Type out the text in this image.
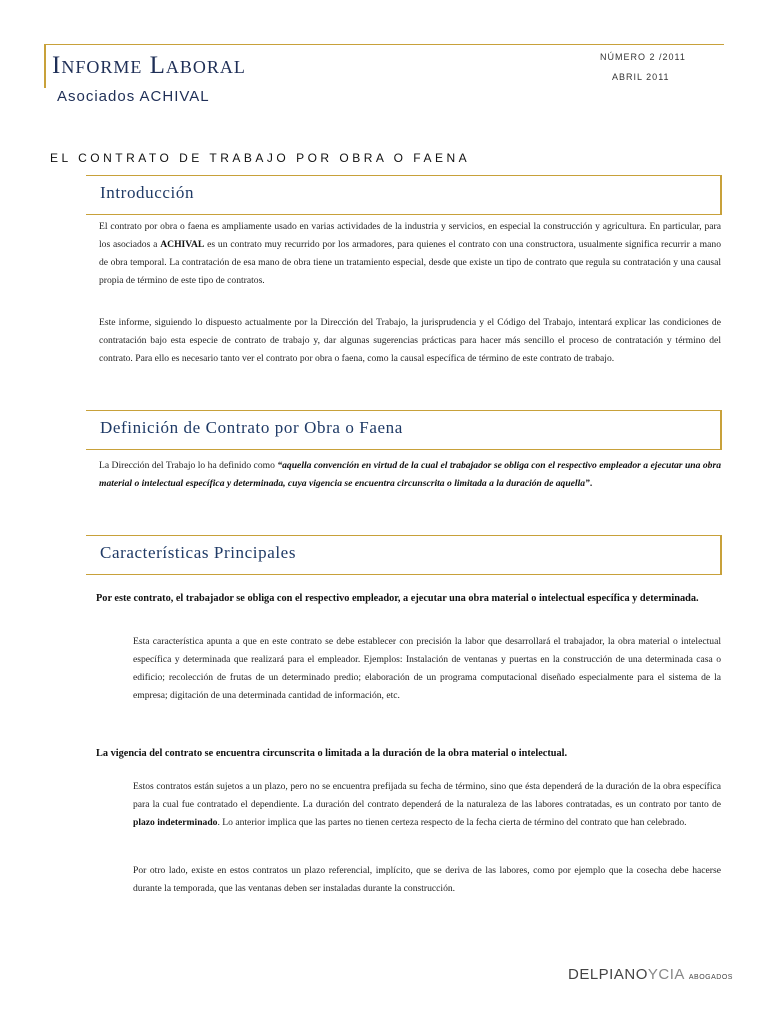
Informe Laboral
Asociados ACHIVAL
NÚMERO 2 /2011
ABRIL 2011
EL CONTRATO DE TRABAJO POR OBRA O FAENA
Introducción

El contrato por obra o faena es ampliamente usado en varias actividades de la industria y servicios, en especial la construcción y agricultura. En particular, para los asociados a ACHIVAL es un contrato muy recurrido por los armadores, para quienes el contrato con una constructora, usualmente significa recurrir a mano de obra temporal. La contratación de esa mano de obra tiene un tratamiento especial, desde que existe un tipo de contrato que regula su contratación y una causal propia de término de este tipo de contratos.

Este informe, siguiendo lo dispuesto actualmente por la Dirección del Trabajo, la jurisprudencia y el Código del Trabajo, intentará explicar las condiciones de contratación bajo esta especie de contrato de trabajo y, dar algunas sugerencias prácticas para hacer más sencillo el proceso de contratación y término del contrato. Para ello es necesario tanto ver el contrato por obra o faena, como la causal específica de término de este contrato de trabajo.

Definición de Contrato por Obra o Faena

La Dirección del Trabajo lo ha definido como “aquella convención en virtud de la cual el trabajador se obliga con el respectivo empleador a ejecutar una obra material o intelectual específica y determinada, cuya vigencia se encuentra circunscrita o limitada a la duración de aquella”.

Características Principales

Por este contrato, el trabajador se obliga con el respectivo empleador, a ejecutar una obra material o intelectual específica y determinada.

Esta característica apunta a que en este contrato se debe establecer con precisión la labor que desarrollará el trabajador, la obra material o intelectual específica y determinada que realizará para el empleador. Ejemplos: Instalación de ventanas y puertas en la construcción de una determinada casa o edificio; recolección de frutas de un determinado predio; elaboración de un programa computacional diseñado especialmente para el sistema de la empresa; digitación de una determinada cantidad de información, etc.

La vigencia del contrato se encuentra circunscrita o limitada a la duración de la obra material o intelectual.

Estos contratos están sujetos a un plazo, pero no se encuentra prefijada su fecha de término, sino que ésta dependerá de la duración de la obra específica para la cual fue contratado el dependiente. La duración del contrato dependerá de la naturaleza de las labores contratadas, es un contrato por tanto de plazo indeterminado. Lo anterior implica que las partes no tienen certeza respecto de la fecha cierta de término del contrato que han celebrado.

Por otro lado, existe en estos contratos un plazo referencial, implícito, que se deriva de las labores, como por ejemplo que la cosecha debe hacerse durante la temporada, que las ventanas deben ser instaladas durante la construcción.

DELPIANOYCIA ABOGADOS
